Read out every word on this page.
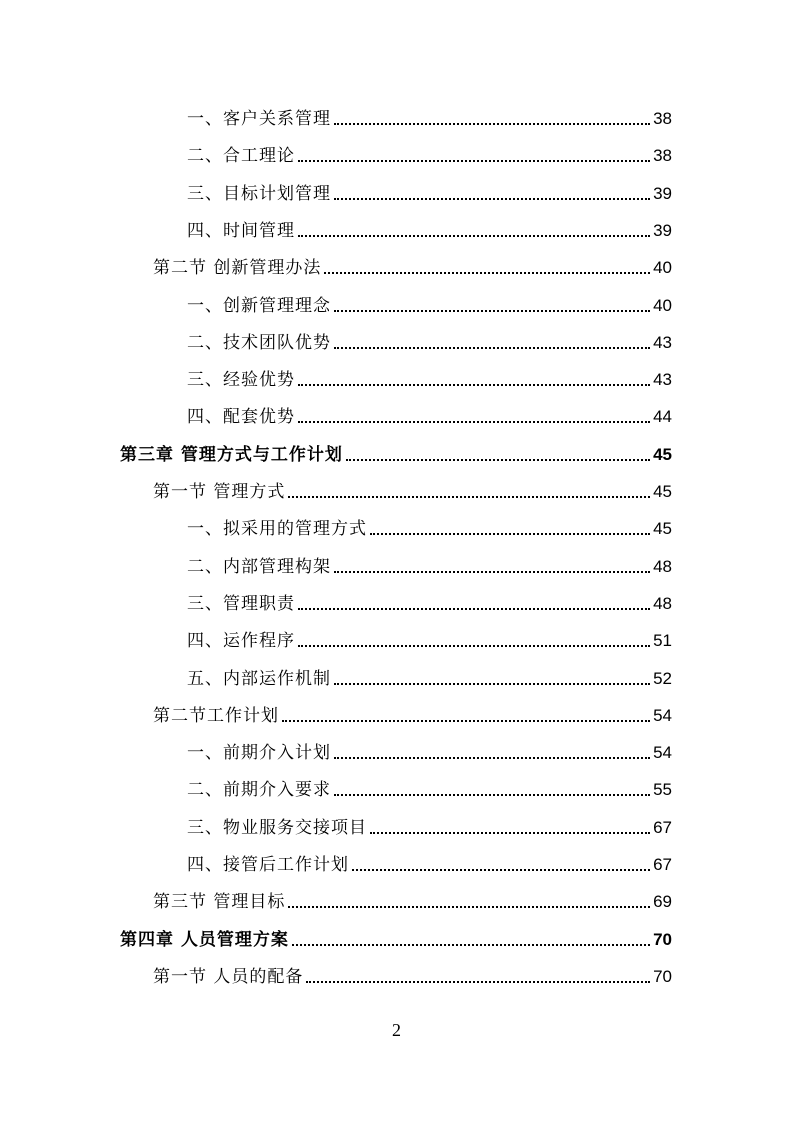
一、客户关系管理	38
二、合工理论	38
三、目标计划管理	39
四、时间管理	39
第二节 创新管理办法	40
一、创新管理理念	40
二、技术团队优势	43
三、经验优势	43
四、配套优势	44
第三章 管理方式与工作计划	45
第一节 管理方式	45
一、拟采用的管理方式	45
二、内部管理构架	48
三、管理职责	48
四、运作程序	51
五、内部运作机制	52
第二节工作计划	54
一、前期介入计划	54
二、前期介入要求	55
三、物业服务交接项目	67
四、接管后工作计划	67
第三节 管理目标	69
第四章 人员管理方案	70
第一节 人员的配备	70
2
